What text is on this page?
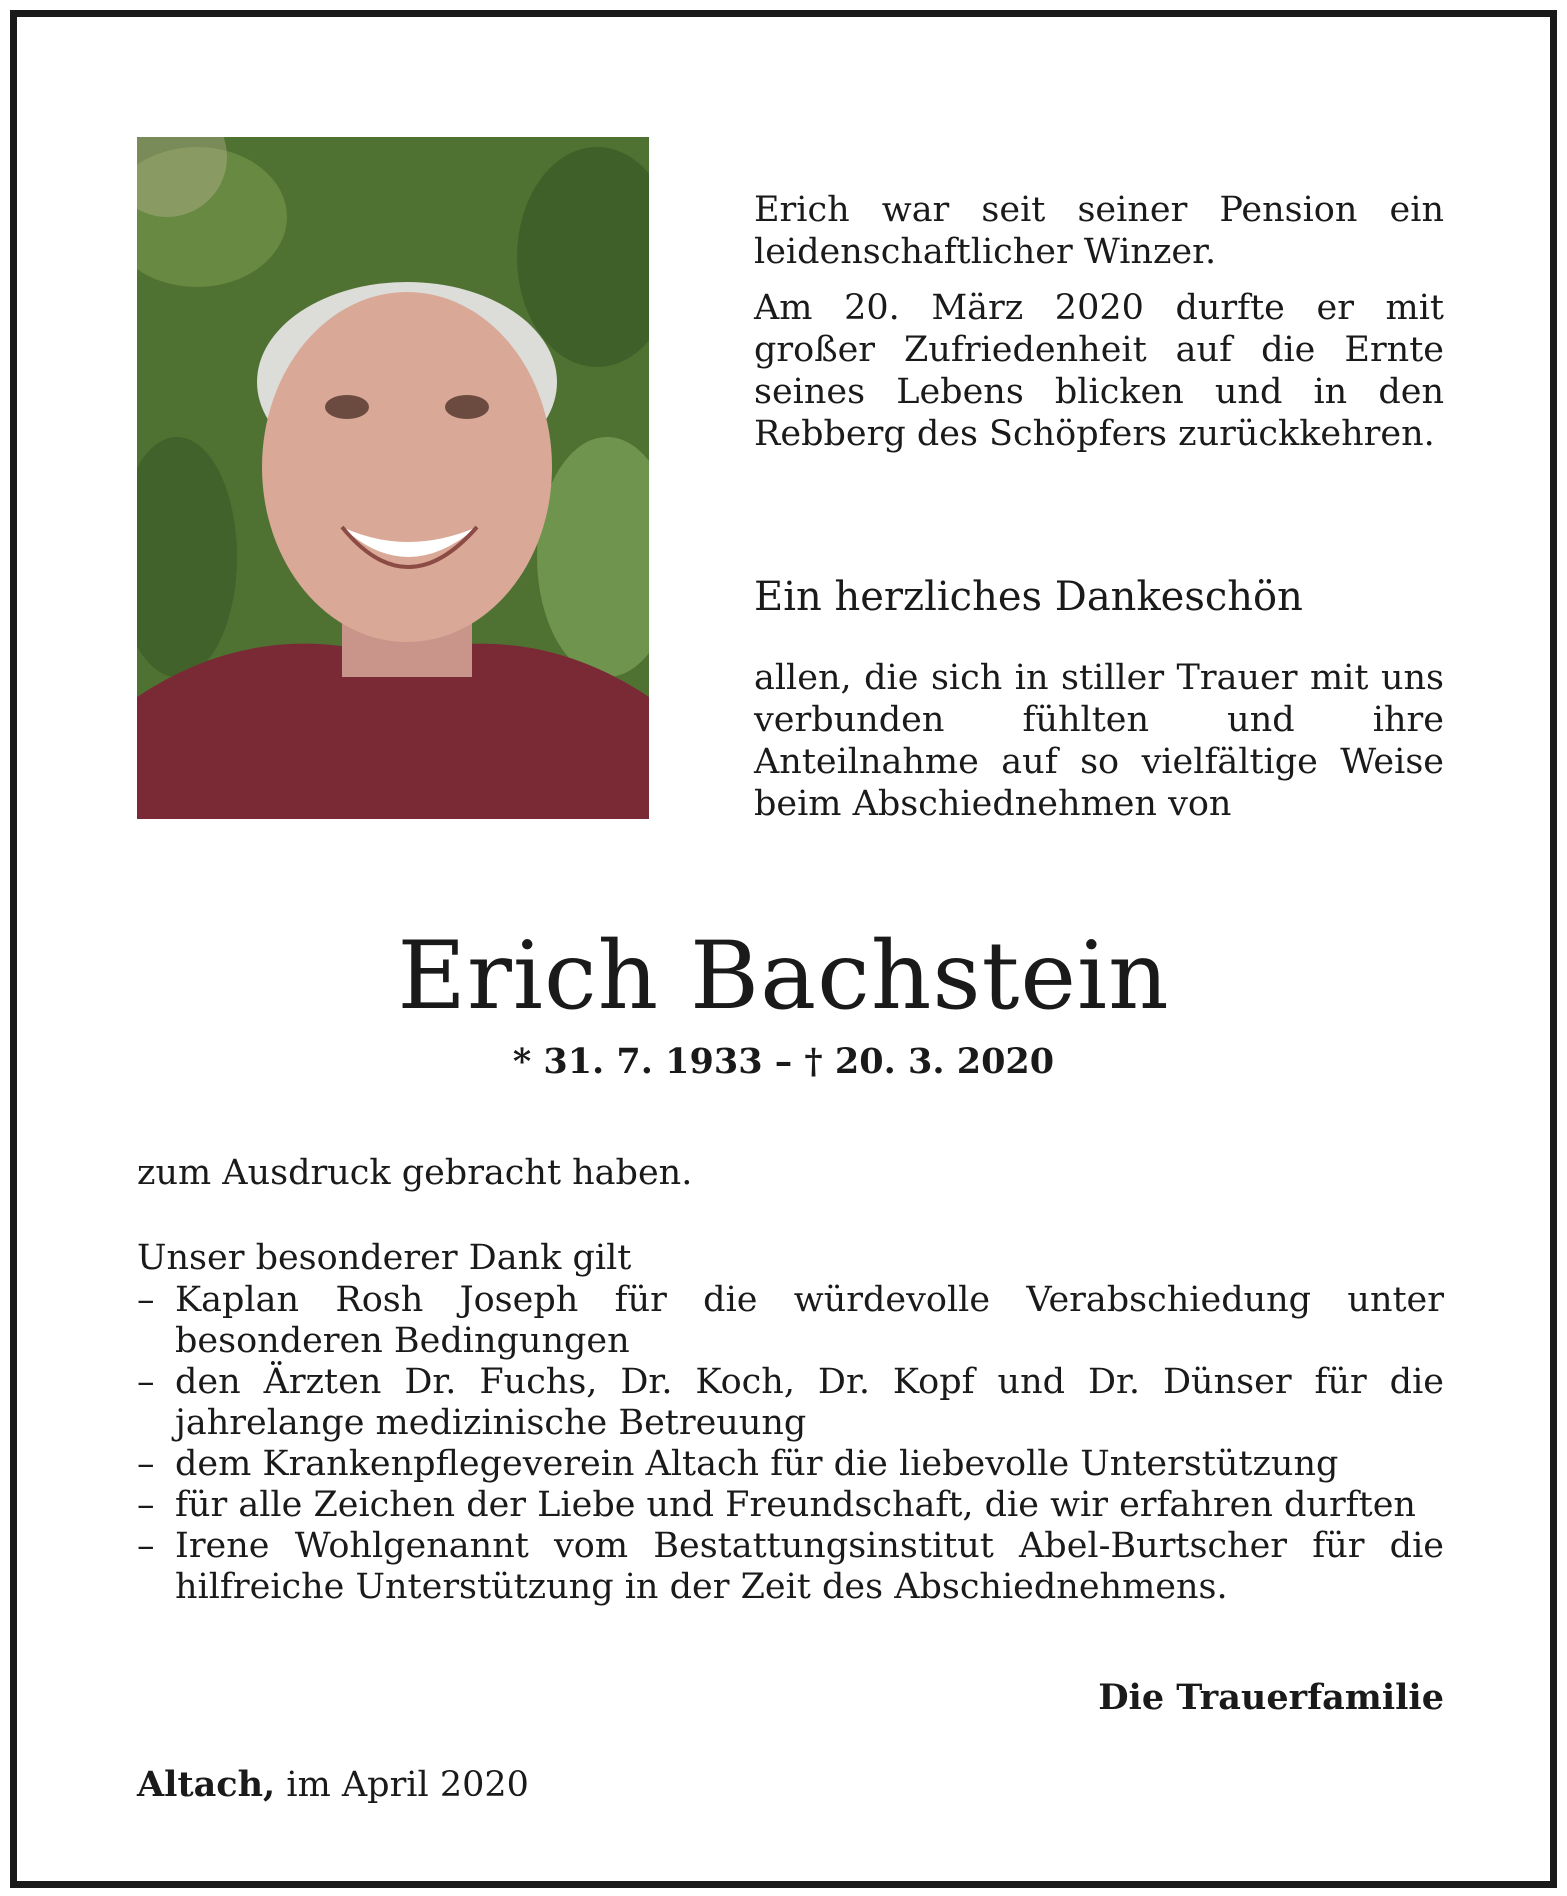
Erich war seit seiner Pension ein leidenschaftlicher Winzer.

Am 20. März 2020 durfte er mit großer Zufriedenheit auf die Ernte seines Lebens blicken und in den Rebberg des Schöpfers zurückkehren.

Ein herzliches Dankeschön
allen, die sich in stiller Trauer mit uns verbunden fühlten und ihre Anteilnahme auf so vielfältige Weise beim Abschiednehmen von
Erich Bachstein
* 31. 7. 1933 – † 20. 3. 2020
zum Ausdruck gebracht haben.
Unser besonderer Dank gilt
– Kaplan Rosh Joseph für die würdevolle Verabschiedung unter besonderen Bedingungen
– den Ärzten Dr. Fuchs, Dr. Koch, Dr. Kopf und Dr. Dünser für die jahrelange medizinische Betreuung
– dem Krankenpflegeverein Altach für die liebevolle Unterstützung
– für alle Zeichen der Liebe und Freundschaft, die wir erfahren durften
– Irene Wohlgenannt vom Bestattungsinstitut Abel-Burtscher für die hilfreiche Unterstützung in der Zeit des Abschiednehmens.
Die Trauerfamilie
Altach, im April 2020
